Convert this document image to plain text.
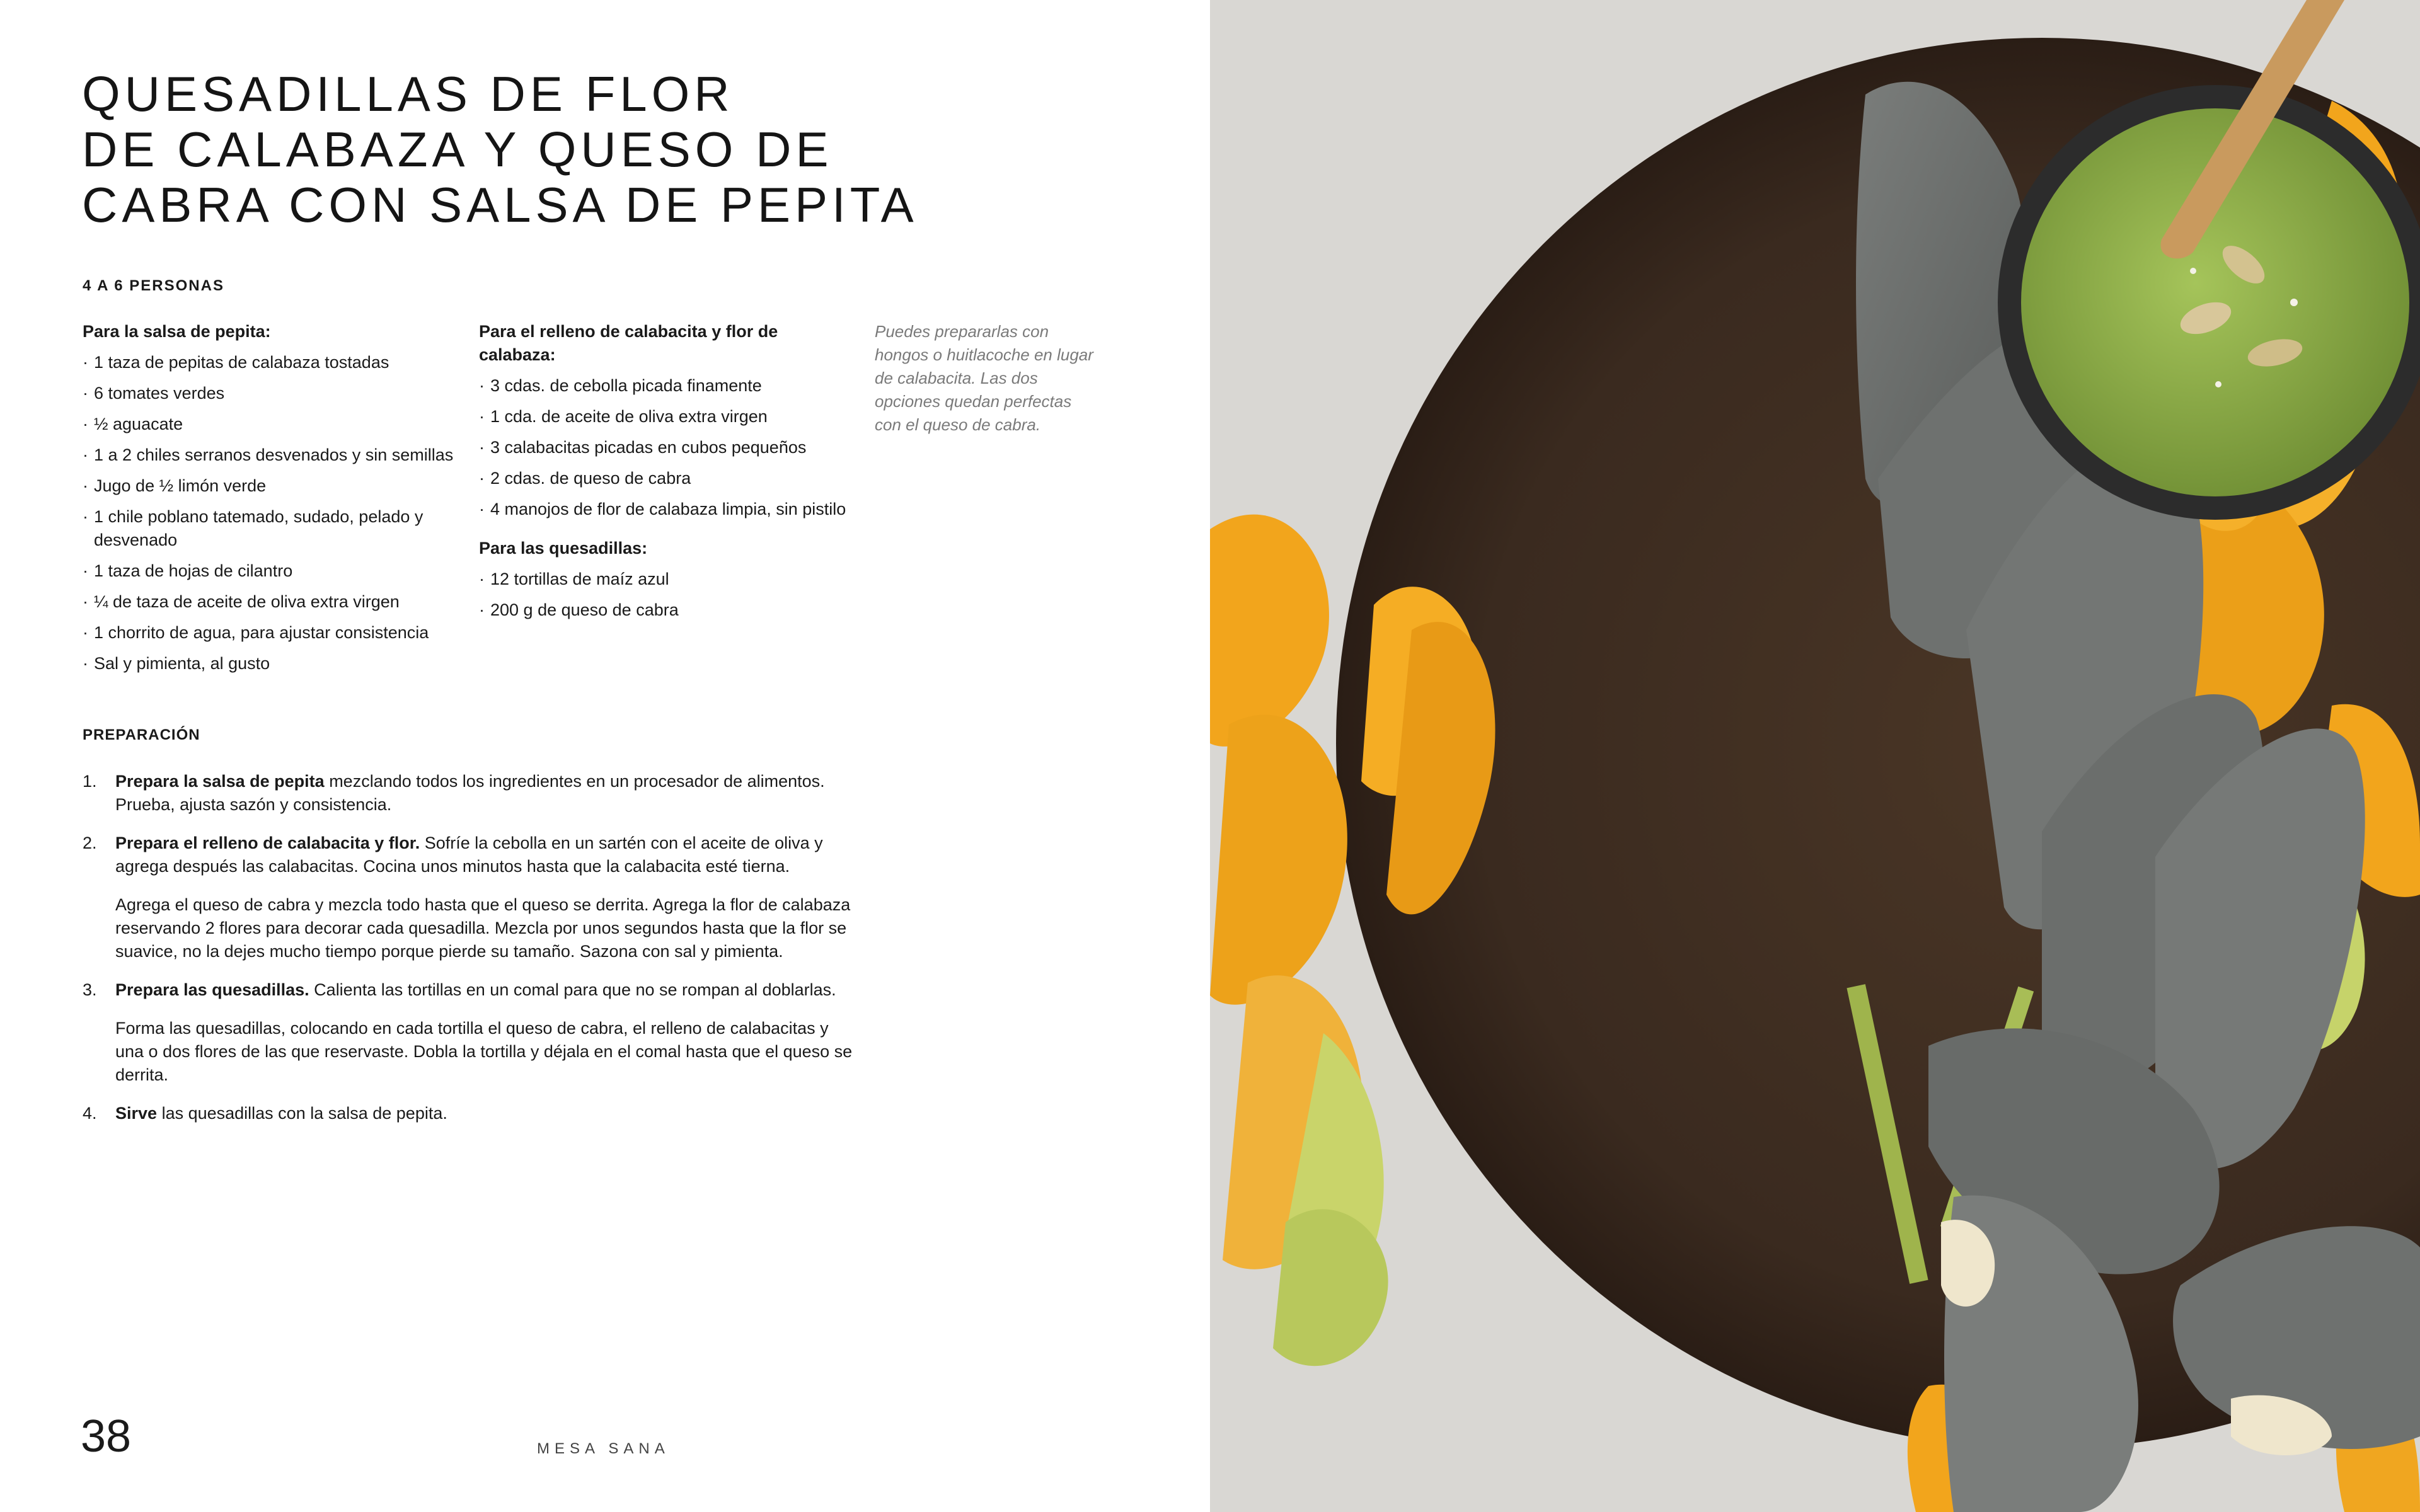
QUESADILLAS DE FLOR
DE CALABAZA Y QUESO DE
CABRA CON SALSA DE PEPITA

4 A 6 PERSONAS

Para la salsa de pepita:
· 1 taza de pepitas de calabaza tostadas
· 6 tomates verdes
· ½ aguacate
· 1 a 2 chiles serranos desvenados y sin semillas
· Jugo de ½ limón verde
· 1 chile poblano tatemado, sudado, pelado y desvenado
· 1 taza de hojas de cilantro
· ¼ de taza de aceite de oliva extra virgen
· 1 chorrito de agua, para ajustar consistencia
· Sal y pimienta, al gusto
Para el relleno de calabacita y flor de calabaza:
· 3 cdas. de cebolla picada finamente
· 1 cda. de aceite de oliva extra virgen
· 3 calabacitas picadas en cubos pequeños
· 2 cdas. de queso de cabra
· 4 manojos de flor de calabaza limpia, sin pistilo
Para las quesadillas:
· 12 tortillas de maíz azul
· 200 g de queso de cabra

Puedes prepararlas con hongos o huitlacoche en lugar de calabacita. Las dos opciones quedan perfectas con el queso de cabra.

PREPARACIÓN
1. Prepara la salsa de pepita mezclando todos los ingredientes en un procesador de alimentos. Prueba, ajusta sazón y consistencia.

2. Prepara el relleno de calabacita y flor. Sofríe la cebolla en un sartén con el aceite de oliva y agrega después las calabacitas. Cocina unos minutos hasta que la calabacita esté tierna.

Agrega el queso de cabra y mezcla todo hasta que el queso se derrita. Agrega la flor de calabaza reservando 2 flores para decorar cada quesadilla. Mezcla por unos segundos hasta que la flor se suavice, no la dejes mucho tiempo porque pierde su tamaño. Sazona con sal y pimienta.

3. Prepara las quesadillas. Calienta las tortillas en un comal para que no se rompan al doblarlas.

Forma las quesadillas, colocando en cada tortilla el queso de cabra, el relleno de calabacitas y una o dos flores de las que reservaste. Dobla la tortilla y déjala en el comal hasta que el queso se derrita.

4. Sirve las quesadillas con la salsa de pepita.

38	MESA SANA
